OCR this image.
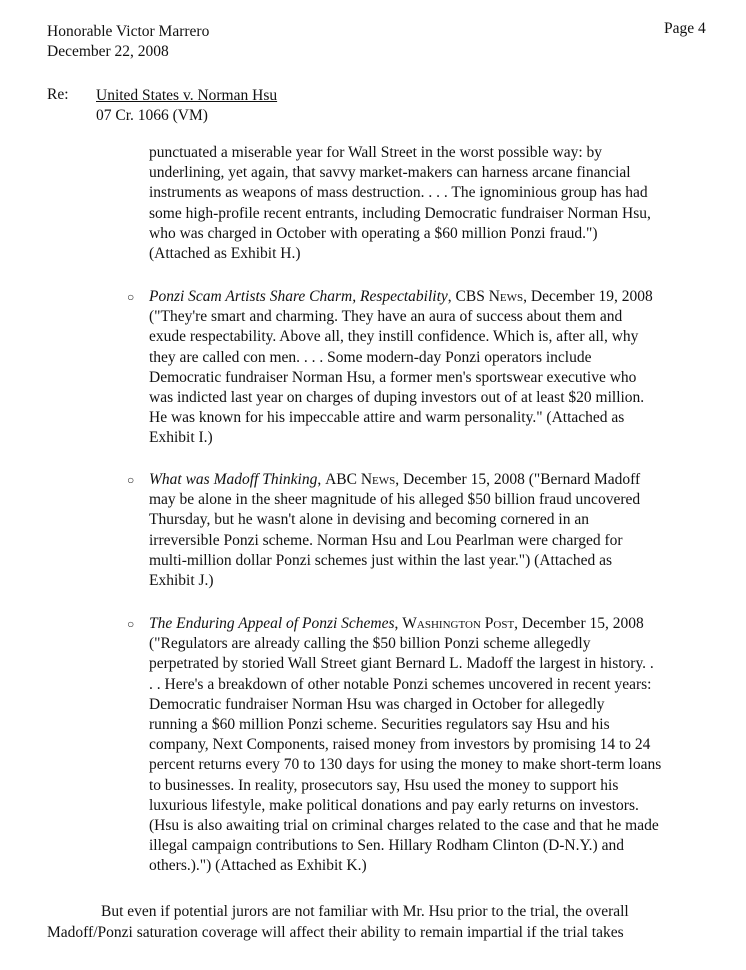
Honorable Victor Marrero
December 22, 2008
Page 4
Re: United States v. Norman Hsu
07 Cr. 1066 (VM)
punctuated a miserable year for Wall Street in the worst possible way: by
underlining, yet again, that savvy market-makers can harness arcane financial
instruments as weapons of mass destruction. . . . The ignominious group has had
some high-profile recent entrants, including Democratic fundraiser Norman Hsu,
who was charged in October with operating a $60 million Ponzi fraud.")
(Attached as Exhibit H.)
○ Ponzi Scam Artists Share Charm, Respectability, CBS News, December 19, 2008
("They're smart and charming. They have an aura of success about them and
exude respectability. Above all, they instill confidence. Which is, after all, why
they are called con men. . . . Some modern-day Ponzi operators include
Democratic fundraiser Norman Hsu, a former men's sportswear executive who
was indicted last year on charges of duping investors out of at least $20 million.
He was known for his impeccable attire and warm personality." (Attached as
Exhibit I.)
○ What was Madoff Thinking, ABC News, December 15, 2008 ("Bernard Madoff
may be alone in the sheer magnitude of his alleged $50 billion fraud uncovered
Thursday, but he wasn't alone in devising and becoming cornered in an
irreversible Ponzi scheme. Norman Hsu and Lou Pearlman were charged for
multi-million dollar Ponzi schemes just within the last year.") (Attached as
Exhibit J.)
○ The Enduring Appeal of Ponzi Schemes, Washington Post, December 15, 2008
("Regulators are already calling the $50 billion Ponzi scheme allegedly
perpetrated by storied Wall Street giant Bernard L. Madoff the largest in history. .
. . Here's a breakdown of other notable Ponzi schemes uncovered in recent years:
Democratic fundraiser Norman Hsu was charged in October for allegedly
running a $60 million Ponzi scheme. Securities regulators say Hsu and his
company, Next Components, raised money from investors by promising 14 to 24
percent returns every 70 to 130 days for using the money to make short-term loans
to businesses. In reality, prosecutors say, Hsu used the money to support his
luxurious lifestyle, make political donations and pay early returns on investors.
(Hsu is also awaiting trial on criminal charges related to the case and that he made
illegal campaign contributions to Sen. Hillary Rodham Clinton (D-N.Y.) and
others.).") (Attached as Exhibit K.)
But even if potential jurors are not familiar with Mr. Hsu prior to the trial, the overall
Madoff/Ponzi saturation coverage will affect their ability to remain impartial if the trial takes
